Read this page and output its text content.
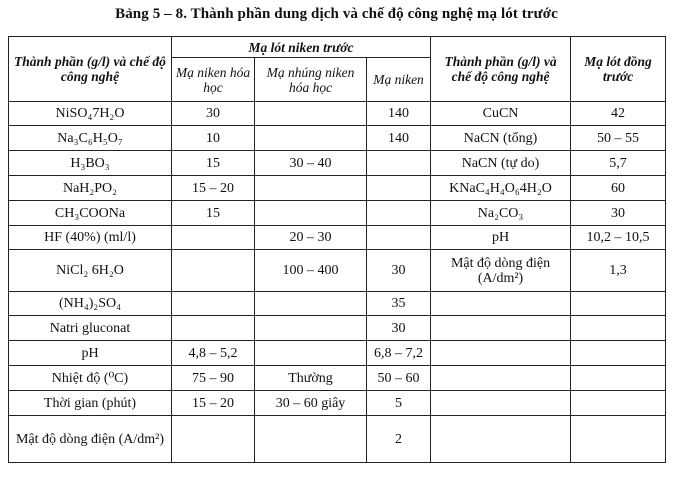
Bảng 5 – 8. Thành phần dung dịch và chế độ công nghệ mạ lót trước
Thành phần (g/l) và chế độ công nghệ	Mạ lót niken trước			Thành phần (g/l) và chế độ công nghệ	Mạ lót đồng trước
	Mạ niken hóa học	Mạ nhúng niken hóa học	Mạ niken		
NiSO₄7H₂O	30		140	CuCN	42
Na₃C₆H₅O₇	10		140	NaCN (tổng)	50 – 55
H₃BO₃	15	30 – 40		NaCN (tự do)	5,7
NaH₂PO₂	15 – 20			KNaC₄H₄O₆4H₂O	60
CH₃COONa	15			Na₂CO₃	30
HF (40%) (ml/l)		20 – 30		pH	10,2 – 10,5
NiCl₂ 6H₂O		100 – 400	30	Mật độ dòng điện (A/dm²)	1,3
(NH₄)₂SO₄			35		
Natri gluconat			30		
pH	4,8 – 5,2		6,8 – 7,2		
Nhiệt độ (⁰C)	75 – 90	Thường	50 – 60		
Thời gian (phút)	15 – 20	30 – 60 giây	5		
Mật độ dòng điện (A/dm²)			2		
